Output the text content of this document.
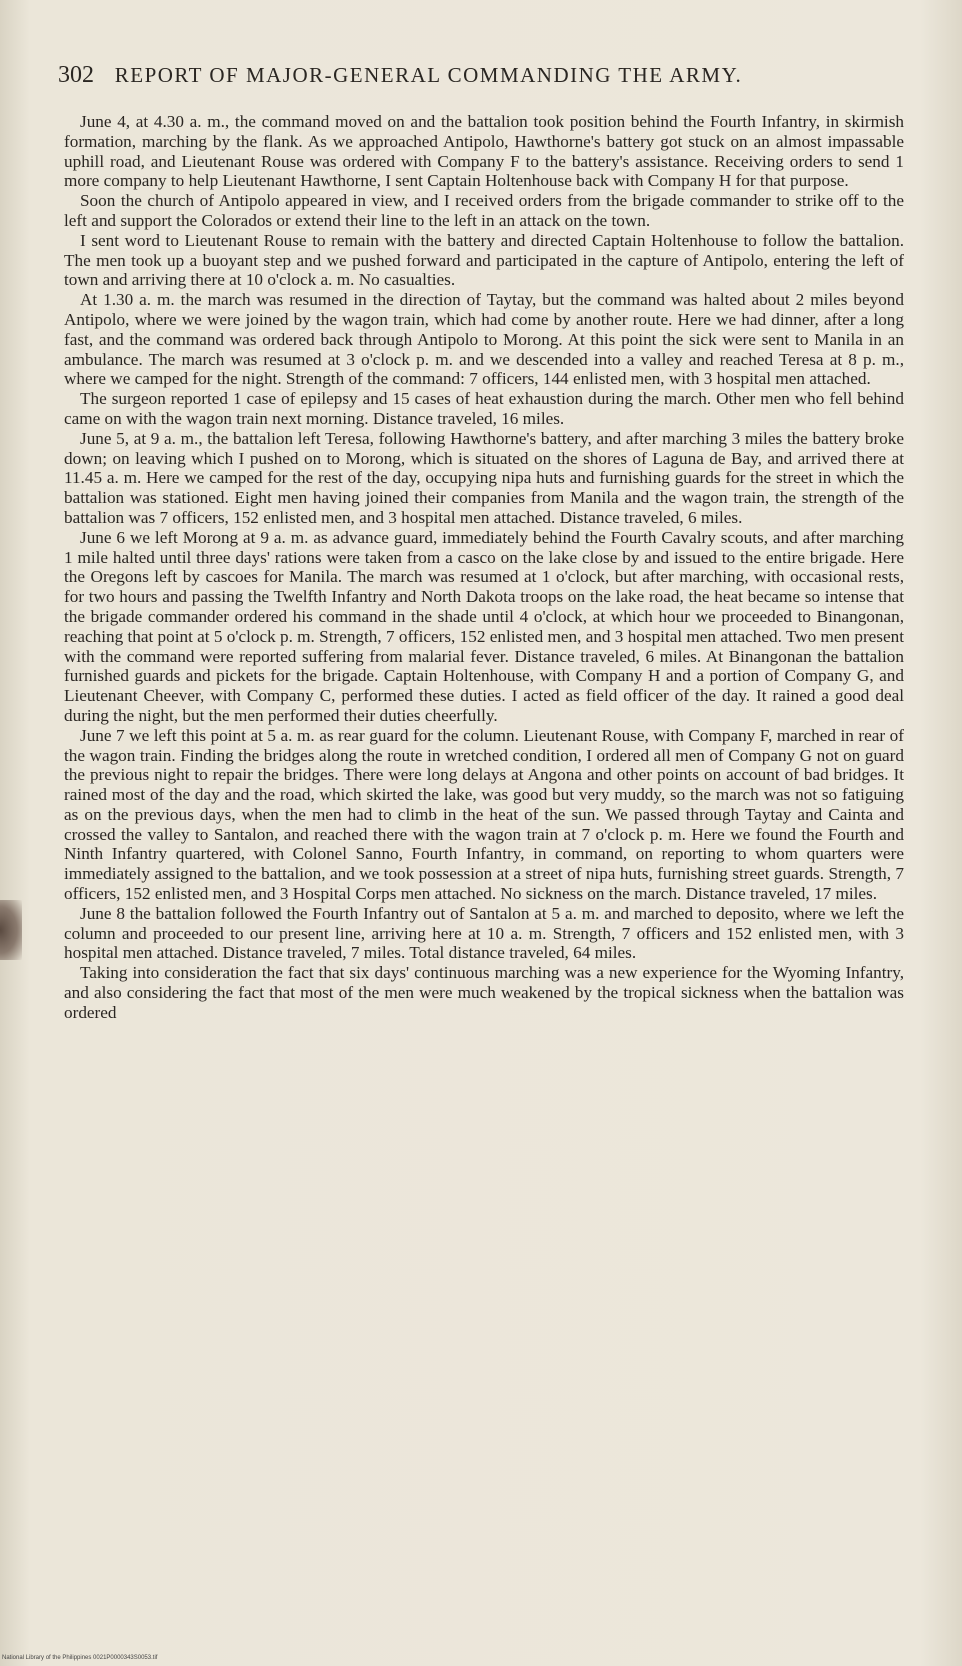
302 REPORT OF MAJOR-GENERAL COMMANDING THE ARMY.

June 4, at 4.30 a. m., the command moved on and the battalion took position behind the Fourth Infantry, in skirmish formation, marching by the flank. As we approached Antipolo, Hawthorne's battery got stuck on an almost impassable uphill road, and Lieutenant Rouse was ordered with Company F to the battery's assistance. Receiving orders to send 1 more company to help Lieutenant Hawthorne, I sent Captain Holtenhouse back with Company H for that purpose.

Soon the church of Antipolo appeared in view, and I received orders from the brigade commander to strike off to the left and support the Colorados or extend their line to the left in an attack on the town.

I sent word to Lieutenant Rouse to remain with the battery and directed Captain Holtenhouse to follow the battalion. The men took up a buoyant step and we pushed forward and participated in the capture of Antipolo, entering the left of town and arriving there at 10 o'clock a. m. No casualties.

At 1.30 a. m. the march was resumed in the direction of Taytay, but the command was halted about 2 miles beyond Antipolo, where we were joined by the wagon train, which had come by another route. Here we had dinner, after a long fast, and the command was ordered back through Antipolo to Morong. At this point the sick were sent to Manila in an ambulance. The march was resumed at 3 o'clock p. m. and we descended into a valley and reached Teresa at 8 p. m., where we camped for the night. Strength of the command: 7 officers, 144 enlisted men, with 3 hospital men attached.

The surgeon reported 1 case of epilepsy and 15 cases of heat exhaustion during the march. Other men who fell behind came on with the wagon train next morning. Distance traveled, 16 miles.

June 5, at 9 a. m., the battalion left Teresa, following Hawthorne's battery, and after marching 3 miles the battery broke down; on leaving which I pushed on to Morong, which is situated on the shores of Laguna de Bay, and arrived there at 11.45 a. m. Here we camped for the rest of the day, occupying nipa huts and furnishing guards for the street in which the battalion was stationed. Eight men having joined their companies from Manila and the wagon train, the strength of the battalion was 7 officers, 152 enlisted men, and 3 hospital men attached. Distance traveled, 6 miles.

June 6 we left Morong at 9 a. m. as advance guard, immediately behind the Fourth Cavalry scouts, and after marching 1 mile halted until three days' rations were taken from a casco on the lake close by and issued to the entire brigade. Here the Oregons left by cascoes for Manila. The march was resumed at 1 o'clock, but after marching, with occasional rests, for two hours and passing the Twelfth Infantry and North Dakota troops on the lake road, the heat became so intense that the brigade commander ordered his command in the shade until 4 o'clock, at which hour we proceeded to Binangonan, reaching that point at 5 o'clock p. m. Strength, 7 officers, 152 enlisted men, and 3 hospital men attached. Two men present with the command were reported suffering from malarial fever. Distance traveled, 6 miles. At Binangonan the battalion furnished guards and pickets for the brigade. Captain Holtenhouse, with Company H and a portion of Company G, and Lieutenant Cheever, with Company C, performed these duties. I acted as field officer of the day. It rained a good deal during the night, but the men performed their duties cheerfully.

June 7 we left this point at 5 a. m. as rear guard for the column. Lieutenant Rouse, with Company F, marched in rear of the wagon train. Finding the bridges along the route in wretched condition, I ordered all men of Company G not on guard the previous night to repair the bridges. There were long delays at Angona and other points on account of bad bridges. It rained most of the day and the road, which skirted the lake, was good but very muddy, so the march was not so fatiguing as on the previous days, when the men had to climb in the heat of the sun. We passed through Taytay and Cainta and crossed the valley to Santalon, and reached there with the wagon train at 7 o'clock p. m. Here we found the Fourth and Ninth Infantry quartered, with Colonel Sanno, Fourth Infantry, in command, on reporting to whom quarters were immediately assigned to the battalion, and we took possession at a street of nipa huts, furnishing street guards. Strength, 7 officers, 152 enlisted men, and 3 Hospital Corps men attached. No sickness on the march. Distance traveled, 17 miles.

June 8 the battalion followed the Fourth Infantry out of Santalon at 5 a. m. and marched to deposito, where we left the column and proceeded to our present line, arriving here at 10 a. m. Strength, 7 officers and 152 enlisted men, with 3 hospital men attached. Distance traveled, 7 miles. Total distance traveled, 64 miles.

Taking into consideration the fact that six days' continuous marching was a new experience for the Wyoming Infantry, and also considering the fact that most of the men were much weakened by the tropical sickness when the battalion was ordered

National Library of the Philippines 0021P0000343S0053.tif
